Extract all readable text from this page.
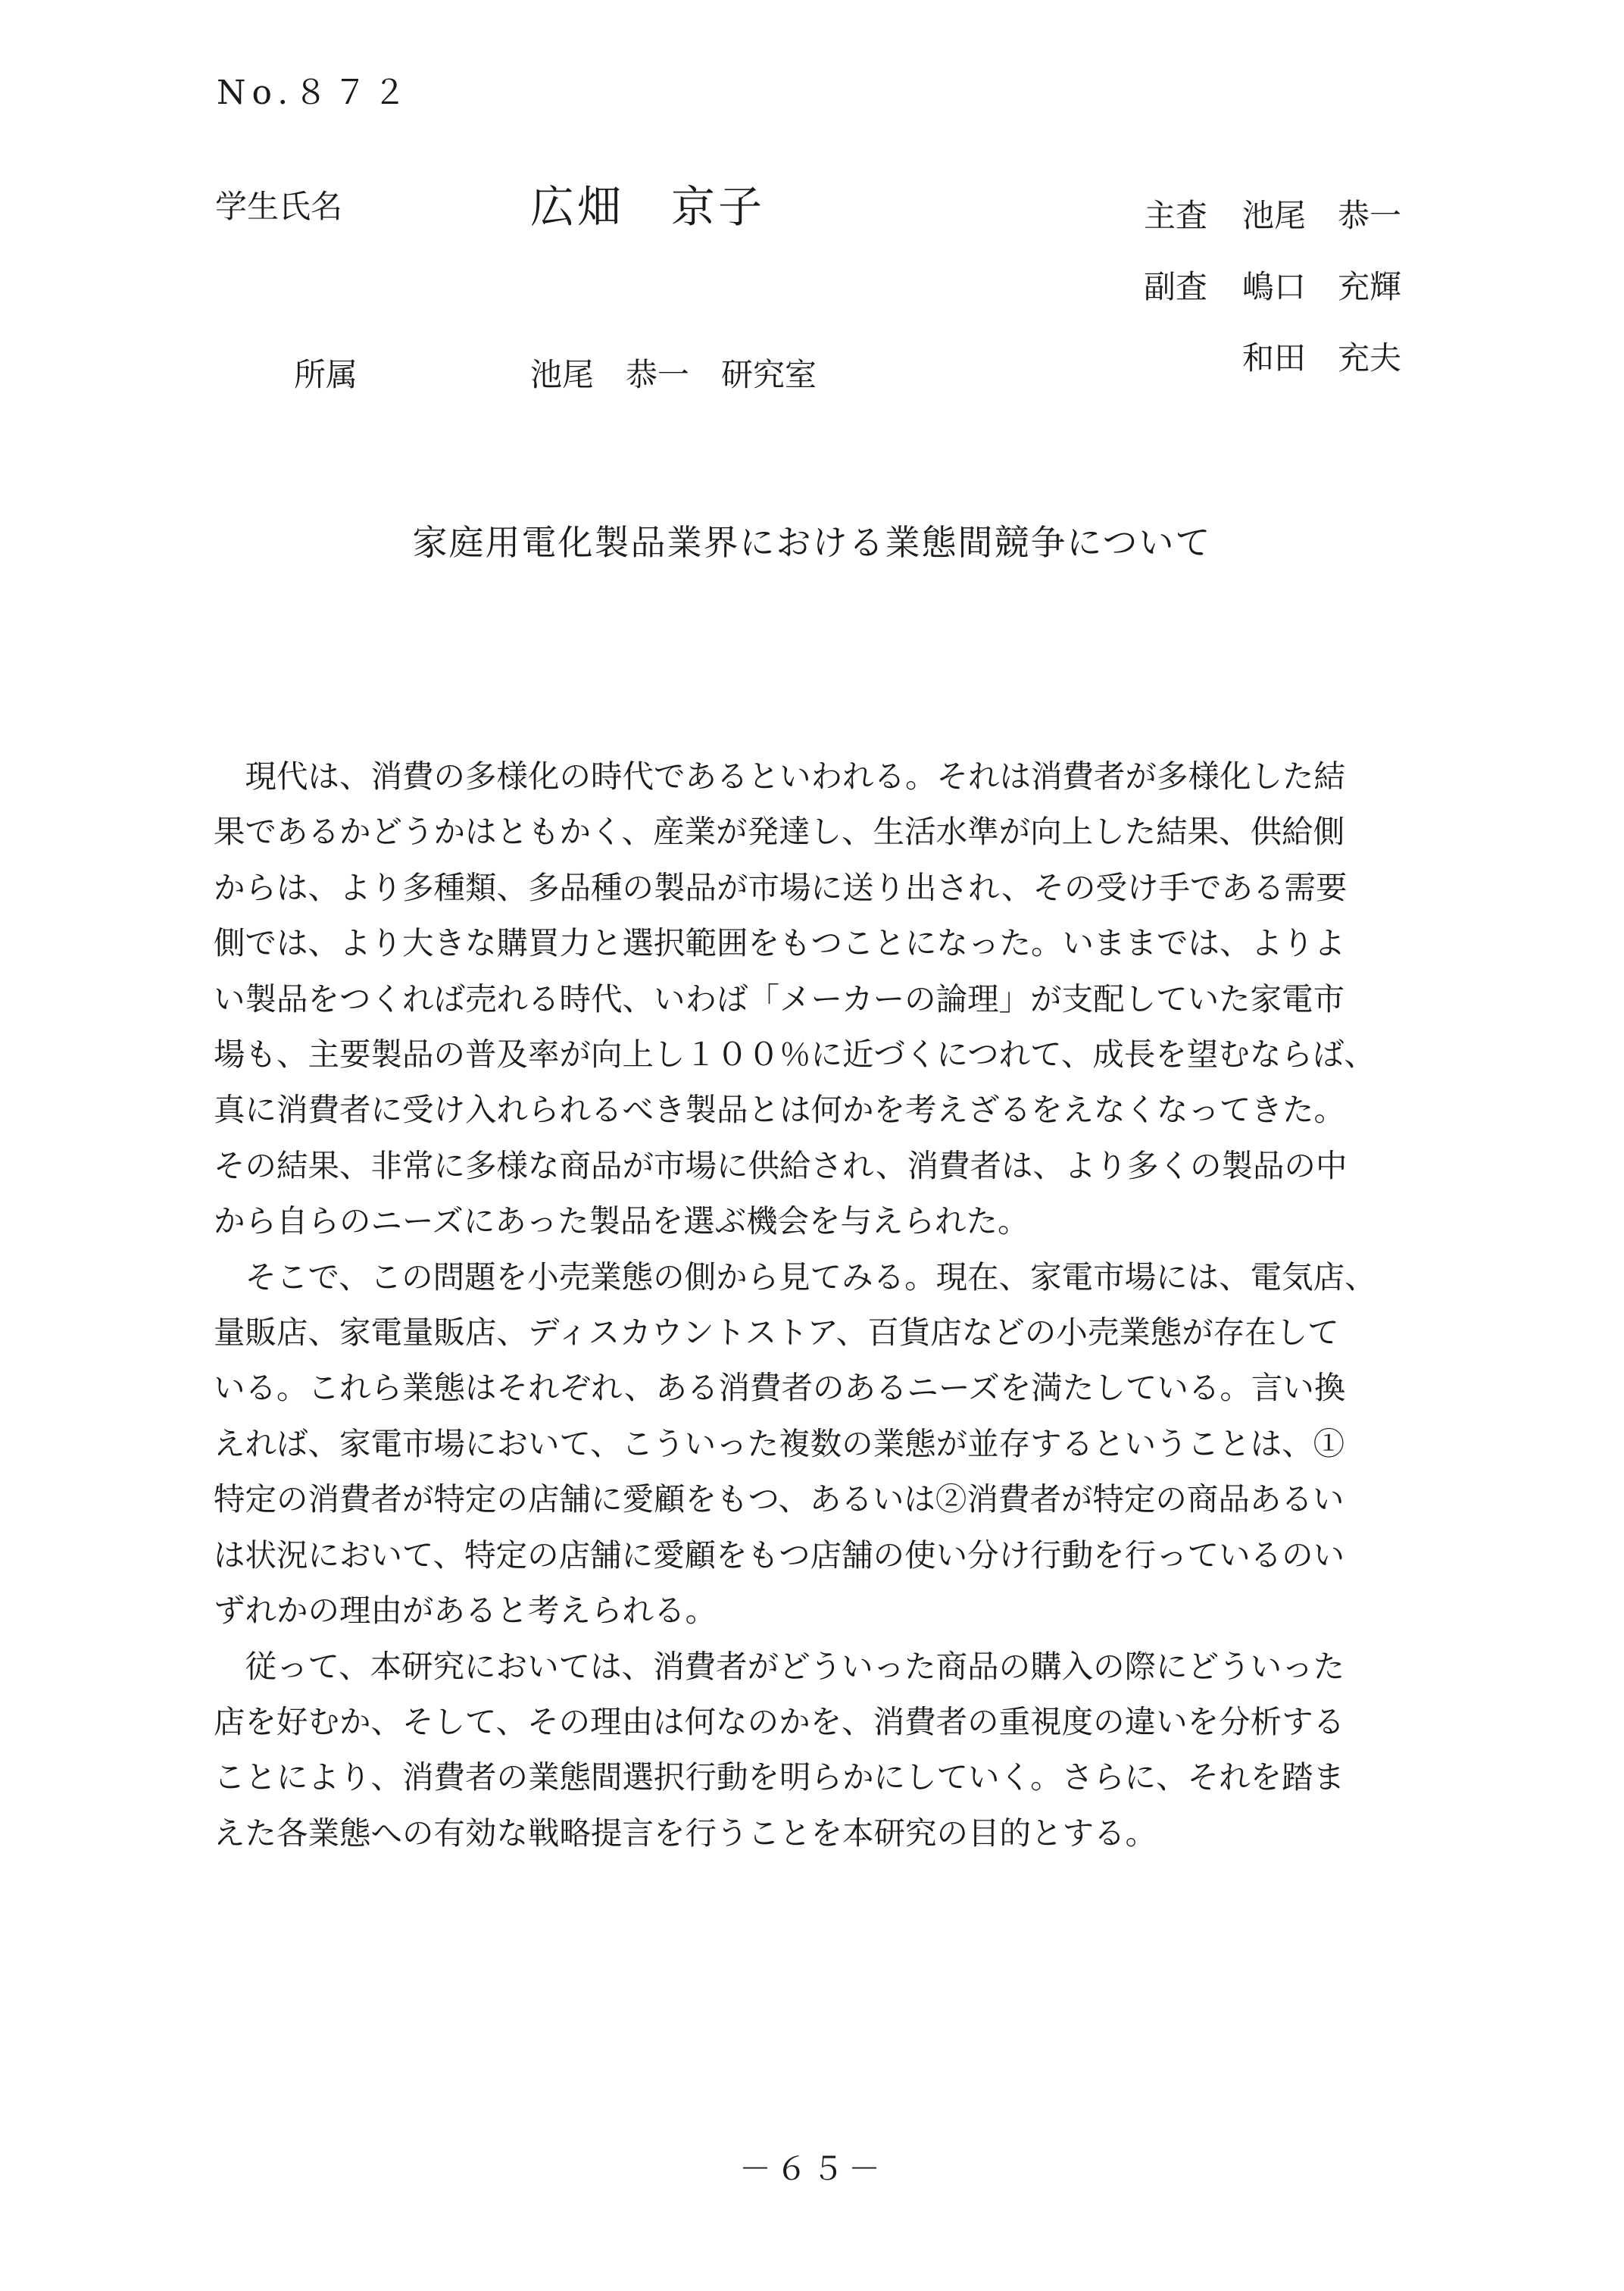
No.８７２
学生氏名	広畑　京子	主査	池尾　恭一
副査	嶋口　充輝
和田　充夫
所属	池尾　恭一　研究室
家庭用電化製品業界における業態間競争について
　現代は、消費の多様化の時代であるといわれる。それは消費者が多様化した結
果であるかどうかはともかく、産業が発達し、生活水準が向上した結果、供給側
からは、より多種類、多品種の製品が市場に送り出され、その受け手である需要
側では、より大きな購買力と選択範囲をもつことになった。いままでは、よりよ
い製品をつくれば売れる時代、いわば「メーカーの論理」が支配していた家電市
場も、主要製品の普及率が向上し１００％に近づくにつれて、成長を望むならば、
真に消費者に受け入れられるべき製品とは何かを考えざるをえなくなってきた。
その結果、非常に多様な商品が市場に供給され、消費者は、より多くの製品の中
から自らのニーズにあった製品を選ぶ機会を与えられた。
　そこで、この問題を小売業態の側から見てみる。現在、家電市場には、電気店、
量販店、家電量販店、ディスカウントストア、百貨店などの小売業態が存在して
いる。これら業態はそれぞれ、ある消費者のあるニーズを満たしている。言い換
えれば、家電市場において、こういった複数の業態が並存するということは、①
特定の消費者が特定の店舗に愛顧をもつ、あるいは②消費者が特定の商品あるい
は状況において、特定の店舗に愛顧をもつ店舗の使い分け行動を行っているのい
ずれかの理由があると考えられる。
　従って、本研究においては、消費者がどういった商品の購入の際にどういった
店を好むか、そして、その理由は何なのかを、消費者の重視度の違いを分析する
ことにより、消費者の業態間選択行動を明らかにしていく。さらに、それを踏ま
えた各業態への有効な戦略提言を行うことを本研究の目的とする。
－６５－
